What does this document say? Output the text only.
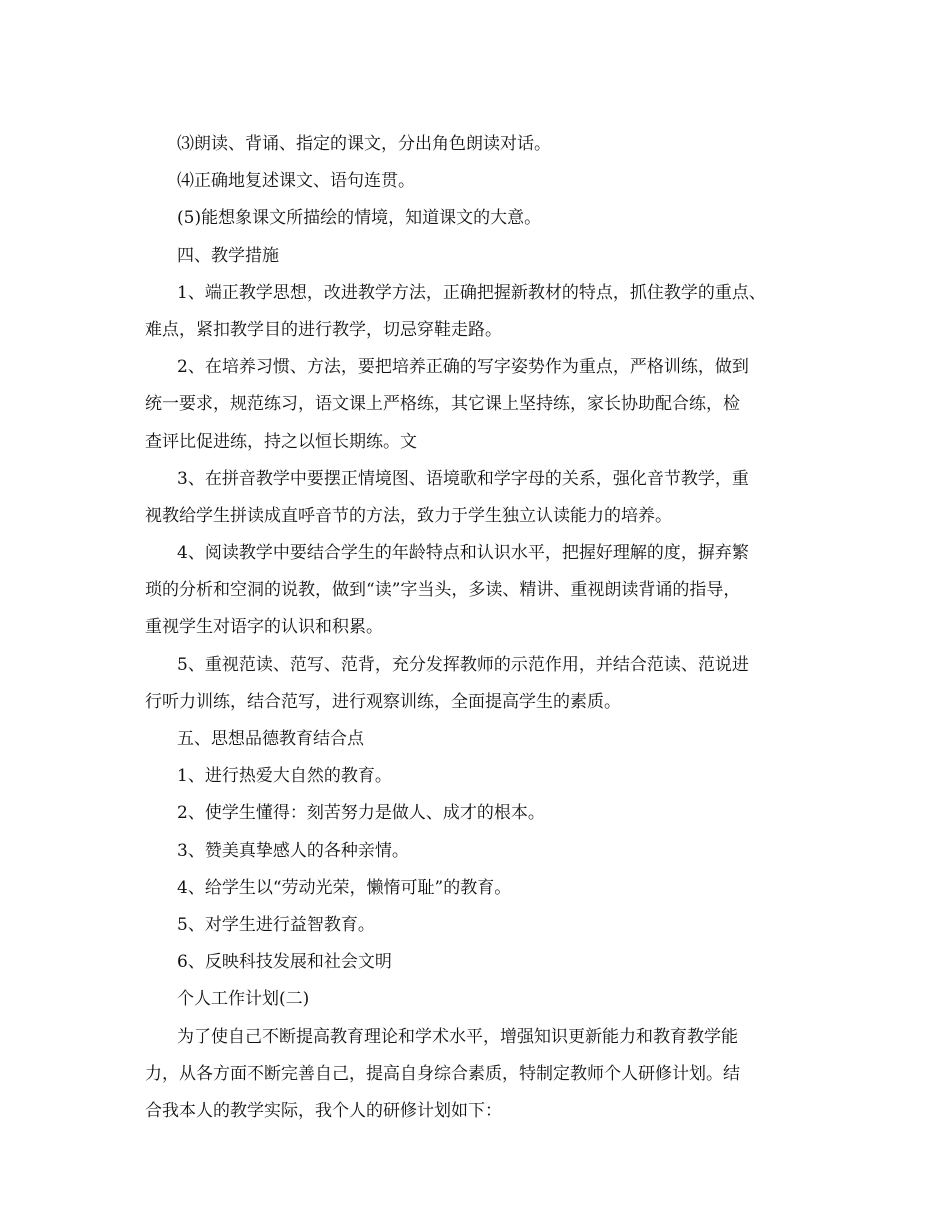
⑶朗读、背诵、指定的课文，分出角色朗读对话。
⑷正确地复述课文、语句连贯。
(5)能想象课文所描绘的情境，知道课文的大意。
四、教学措施
1、端正教学思想，改进教学方法，正确把握新教材的特点，抓住教学的重点、
难点，紧扣教学目的进行教学，切忌穿鞋走路。
2、在培养习惯、方法，要把培养正确的写字姿势作为重点，严格训练，做到
统一要求，规范练习，语文课上严格练，其它课上坚持练，家长协助配合练，检
查评比促进练，持之以恒长期练。文
3、在拼音教学中要摆正情境图、语境歌和学字母的关系，强化音节教学，重
视教给学生拼读成直呼音节的方法，致力于学生独立认读能力的培养。
4、阅读教学中要结合学生的年龄特点和认识水平，把握好理解的度，摒弃繁
琐的分析和空洞的说教，做到“读”字当头，多读、精讲、重视朗读背诵的指导，
重视学生对语字的认识和积累。
5、重视范读、范写、范背，充分发挥教师的示范作用，并结合范读、范说进
行听力训练，结合范写，进行观察训练，全面提高学生的素质。
五、思想品德教育结合点
1、进行热爱大自然的教育。
2、使学生懂得：刻苦努力是做人、成才的根本。
3、赞美真挚感人的各种亲情。
4、给学生以“劳动光荣，懒惰可耻”的教育。
5、对学生进行益智教育。
6、反映科技发展和社会文明
个人工作计划(二)
为了使自己不断提高教育理论和学术水平，增强知识更新能力和教育教学能
力，从各方面不断完善自己，提高自身综合素质，特制定教师个人研修计划。结
合我本人的教学实际，我个人的研修计划如下：
